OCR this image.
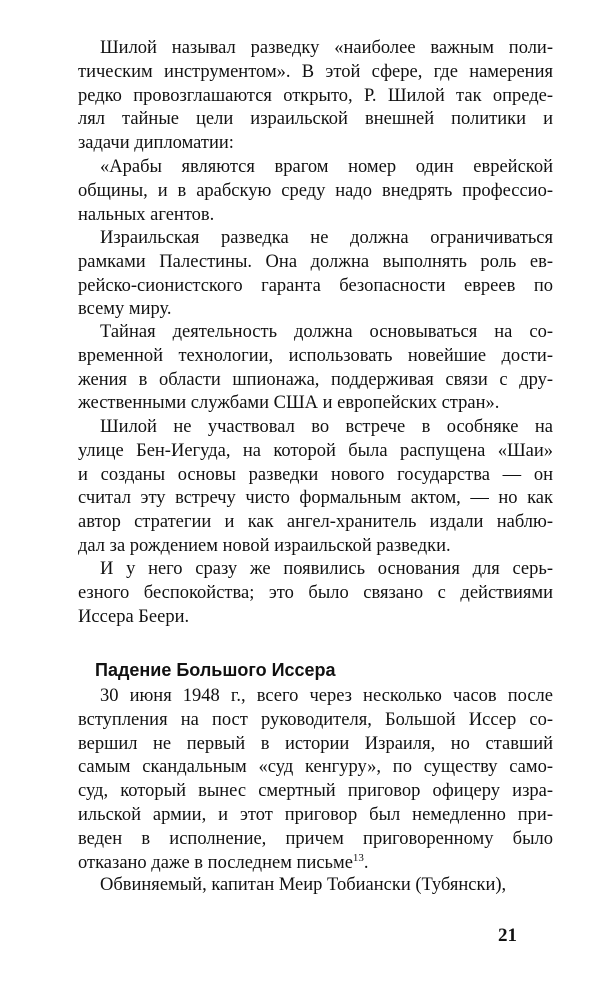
Шилой называл разведку «наиболее важным поли-
тическим инструментом». В этой сфере, где намерения
редко провозглашаются открыто, Р. Шилой так опреде-
лял тайные цели израильской внешней политики и
задачи дипломатии:
«Арабы являются врагом номер один еврейской
общины, и в арабскую среду надо внедрять профессио-
нальных агентов.
Израильская разведка не должна ограничиваться
рамками Палестины. Она должна выполнять роль ев-
рейско-сионистского гаранта безопасности евреев по
всему миру.
Тайная деятельность должна основываться на со-
временной технологии, использовать новейшие дости-
жения в области шпионажа, поддерживая связи с дру-
жественными службами США и европейских стран».
Шилой не участвовал во встрече в особняке на
улице Бен-Иегуда, на которой была распущена «Шаи»
и созданы основы разведки нового государства — он
считал эту встречу чисто формальным актом, — но как
автор стратегии и как ангел-хранитель издали наблю-
дал за рождением новой израильской разведки.
И у него сразу же появились основания для серь-
езного беспокойства; это было связано с действиями
Иссера Беери.
Падение Большого Иссера
30 июня 1948 г., всего через несколько часов после
вступления на пост руководителя, Большой Иссер со-
вершил не первый в истории Израиля, но ставший
самым скандальным «суд кенгуру», по существу само-
суд, который вынес смертный приговор офицеру изра-
ильской армии, и этот приговор был немедленно при-
веден в исполнение, причем приговоренному было
отказано даже в последнем письме$^{13}$.
Обвиняемый, капитан Меир Тобиански (Тубянски),
21
